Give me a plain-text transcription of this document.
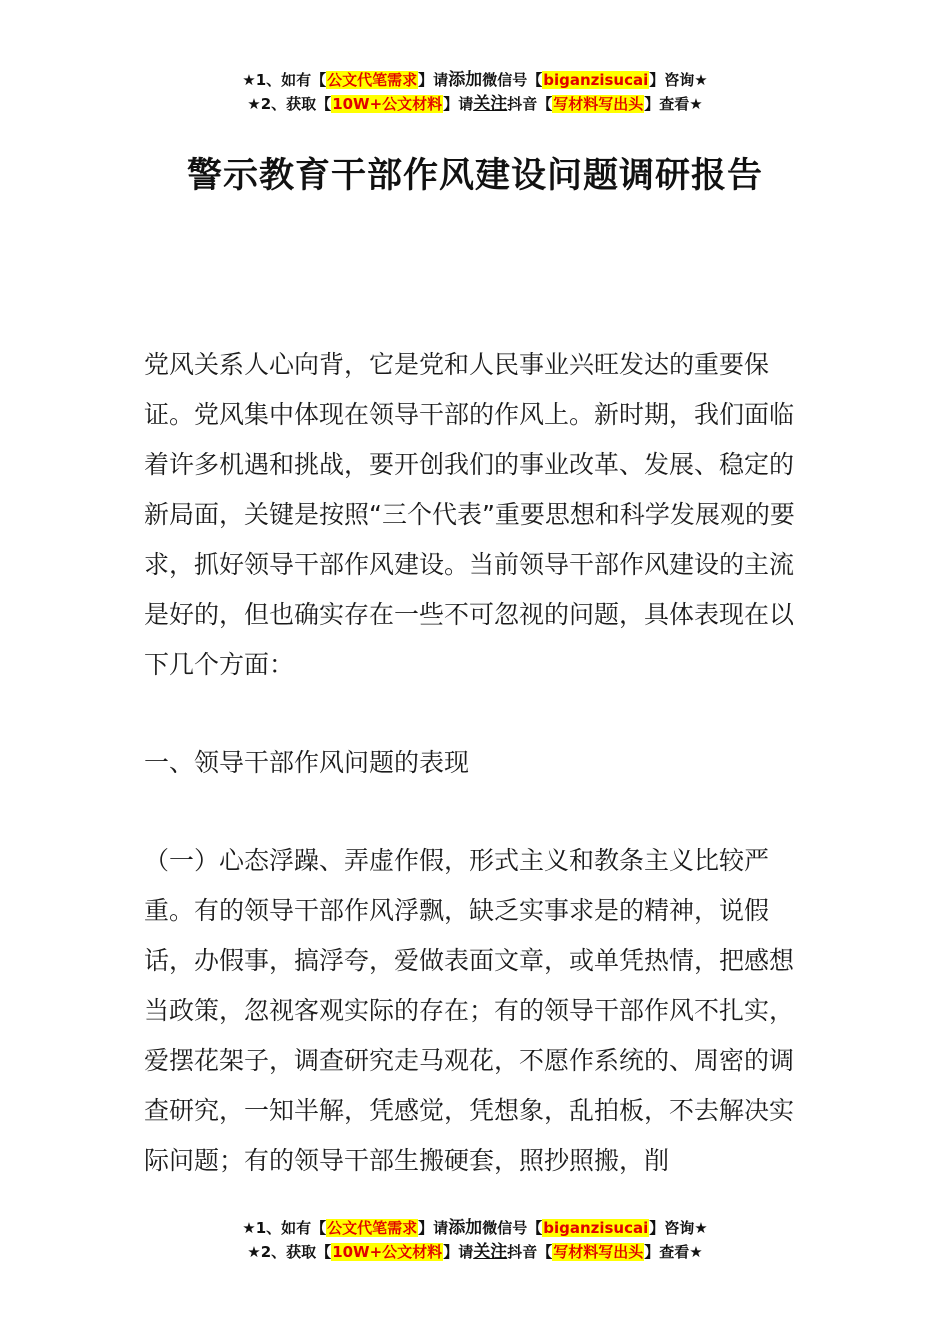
★1、如有【公文代笔需求】请添加微信号【biganzisucai】咨询★
★2、获取【10W+公文材料】请关注抖音【写材料写出头】查看★
警示教育干部作风建设问题调研报告

党风关系人心向背，它是党和人民事业兴旺发达的重要保证。党风集中体现在领导干部的作风上。新时期，我们面临着许多机遇和挑战，要开创我们的事业改革、发展、稳定的新局面，关键是按照“三个代表”重要思想和科学发展观的要求，抓好领导干部作风建设。当前领导干部作风建设的主流是好的，但也确实存在一些不可忽视的问题，具体表现在以下几个方面：

一、领导干部作风问题的表现

（一）心态浮躁、弄虚作假，形式主义和教条主义比较严重。有的领导干部作风浮飘，缺乏实事求是的精神，说假话，办假事，搞浮夸，爱做表面文章，或单凭热情，把感想当政策，忽视客观实际的存在；有的领导干部作风不扎实，爱摆花架子，调查研究走马观花，不愿作系统的、周密的调查研究，一知半解，凭感觉，凭想象，乱拍板，不去解决实际问题；有的领导干部生搬硬套，照抄照搬，削

★1、如有【公文代笔需求】请添加微信号【biganzisucai】咨询★
★2、获取【10W+公文材料】请关注抖音【写材料写出头】查看★
